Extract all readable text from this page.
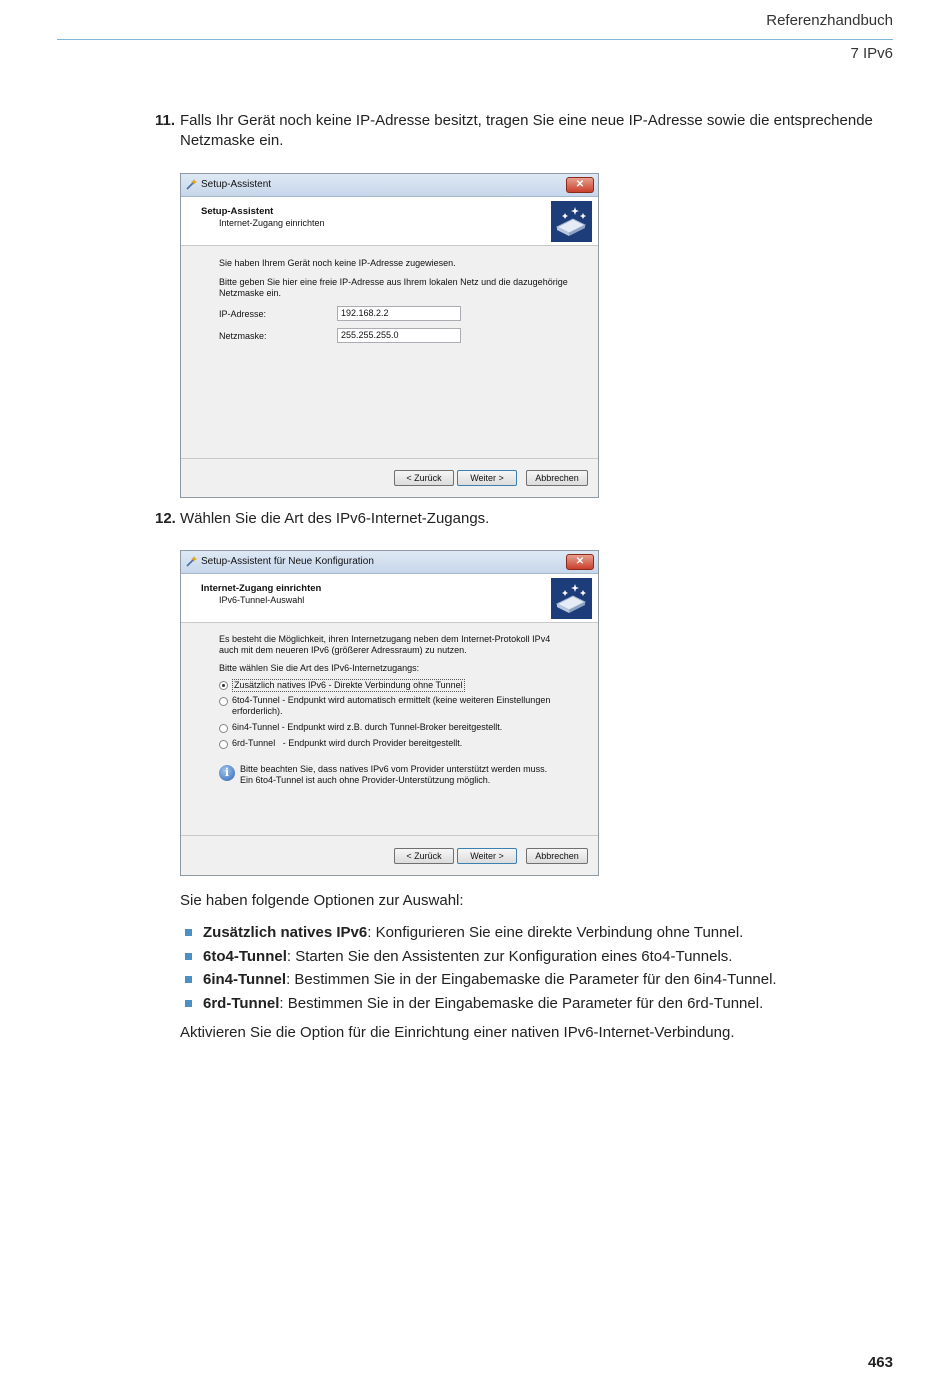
Referenzhandbuch
7 IPv6
11. Falls Ihr Gerät noch keine IP-Adresse besitzt, tragen Sie eine neue IP-Adresse sowie die entsprechende Netzmaske ein.
Setup-Assistent	✕
Setup-Assistent
Internet-Zugang einrichten
Sie haben Ihrem Gerät noch keine IP-Adresse zugewiesen.
Bitte geben Sie hier eine freie IP-Adresse aus Ihrem lokalen Netz und die dazugehörige
Netzmaske ein.
IP-Adresse:	192.168.2.2
Netzmaske:	255.255.255.0
< Zurück	Weiter >	Abbrechen
12. Wählen Sie die Art des IPv6-Internet-Zugangs.
Setup-Assistent für Neue Konfiguration	✕
Internet-Zugang einrichten
IPv6-Tunnel-Auswahl
Es besteht die Möglichkeit, ihren Internetzugang neben dem Internet-Protokoll IPv4
auch mit dem neueren IPv6 (größerer Adressraum) zu nutzen.
Bitte wählen Sie die Art des IPv6-Internetzugangs:
Zusätzlich natives IPv6 - Direkte Verbindung ohne Tunnel
6to4-Tunnel - Endpunkt wird automatisch ermittelt (keine weiteren Einstellungen
erforderlich).
6in4-Tunnel - Endpunkt wird z.B. durch Tunnel-Broker bereitgestellt.
6rd-Tunnel   - Endpunkt wird durch Provider bereitgestellt.
i	Bitte beachten Sie, dass natives IPv6 vom Provider unterstützt werden muss.
Ein 6to4-Tunnel ist auch ohne Provider-Unterstützung möglich.
< Zurück	Weiter >	Abbrechen
Sie haben folgende Optionen zur Auswahl:
Zusätzlich natives IPv6: Konfigurieren Sie eine direkte Verbindung ohne Tunnel.
6to4-Tunnel: Starten Sie den Assistenten zur Konfiguration eines 6to4-Tunnels.
6in4-Tunnel: Bestimmen Sie in der Eingabemaske die Parameter für den 6in4-Tunnel.
6rd-Tunnel: Bestimmen Sie in der Eingabemaske die Parameter für den 6rd-Tunnel.
Aktivieren Sie die Option für die Einrichtung einer nativen IPv6-Internet-Verbindung.
463
